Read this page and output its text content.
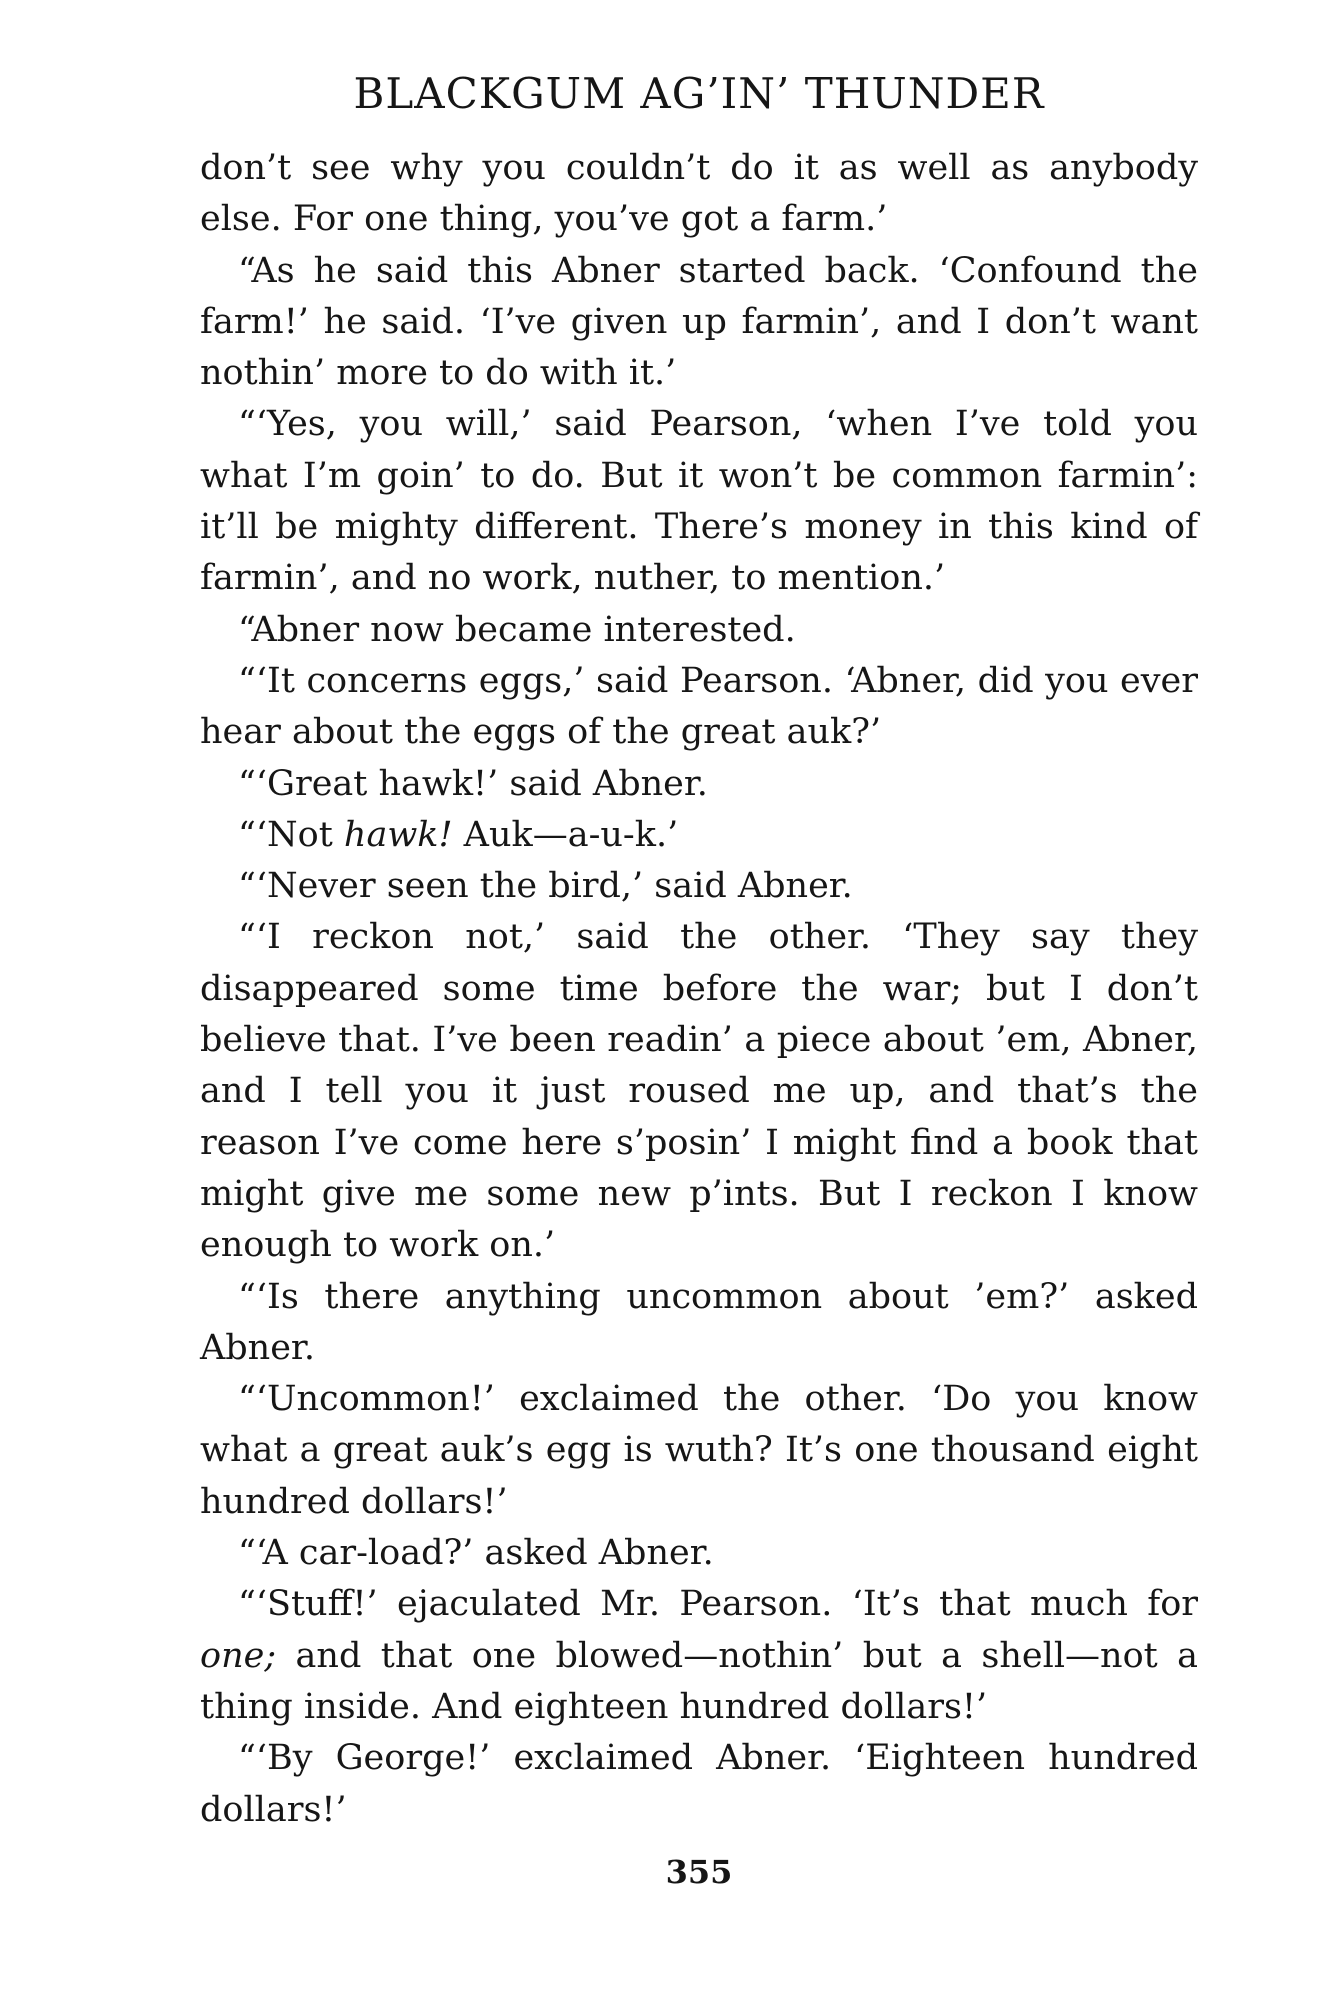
BLACKGUM AG’IN’ THUNDER

don’t see why you couldn’t do it as well as anybody else. For one thing, you’ve got a farm.’

“As he said this Abner started back. ‘Confound the farm!’ he said. ‘I’ve given up farmin’, and I don’t want nothin’ more to do with it.’

“‘Yes, you will,’ said Pearson, ‘when I’ve told you what I’m goin’ to do. But it won’t be common farmin’: it’ll be mighty different. There’s money in this kind of farmin’, and no work, nuther, to mention.’

“Abner now became interested.

“‘It concerns eggs,’ said Pearson. ‘Abner, did you ever hear about the eggs of the great auk?’

“‘Great hawk!’ said Abner.

“‘Not hawk! Auk—a-u-k.’

“‘Never seen the bird,’ said Abner.

“‘I reckon not,’ said the other. ‘They say they disappeared some time before the war; but I don’t believe that. I’ve been readin’ a piece about ’em, Abner, and I tell you it just roused me up, and that’s the reason I’ve come here s’posin’ I might find a book that might give me some new p’ints. But I reckon I know enough to work on.’

“‘Is there anything uncommon about ’em?’ asked Abner.

“‘Uncommon!’ exclaimed the other. ‘Do you know what a great auk’s egg is wuth? It’s one thousand eight hundred dollars!’

“‘A car-load?’ asked Abner.

“‘Stuff!’ ejaculated Mr. Pearson. ‘It’s that much for one; and that one blowed—nothin’ but a shell—not a thing inside. And eighteen hundred dollars!’

“‘By George!’ exclaimed Abner. ‘Eighteen hundred dollars!’

355
